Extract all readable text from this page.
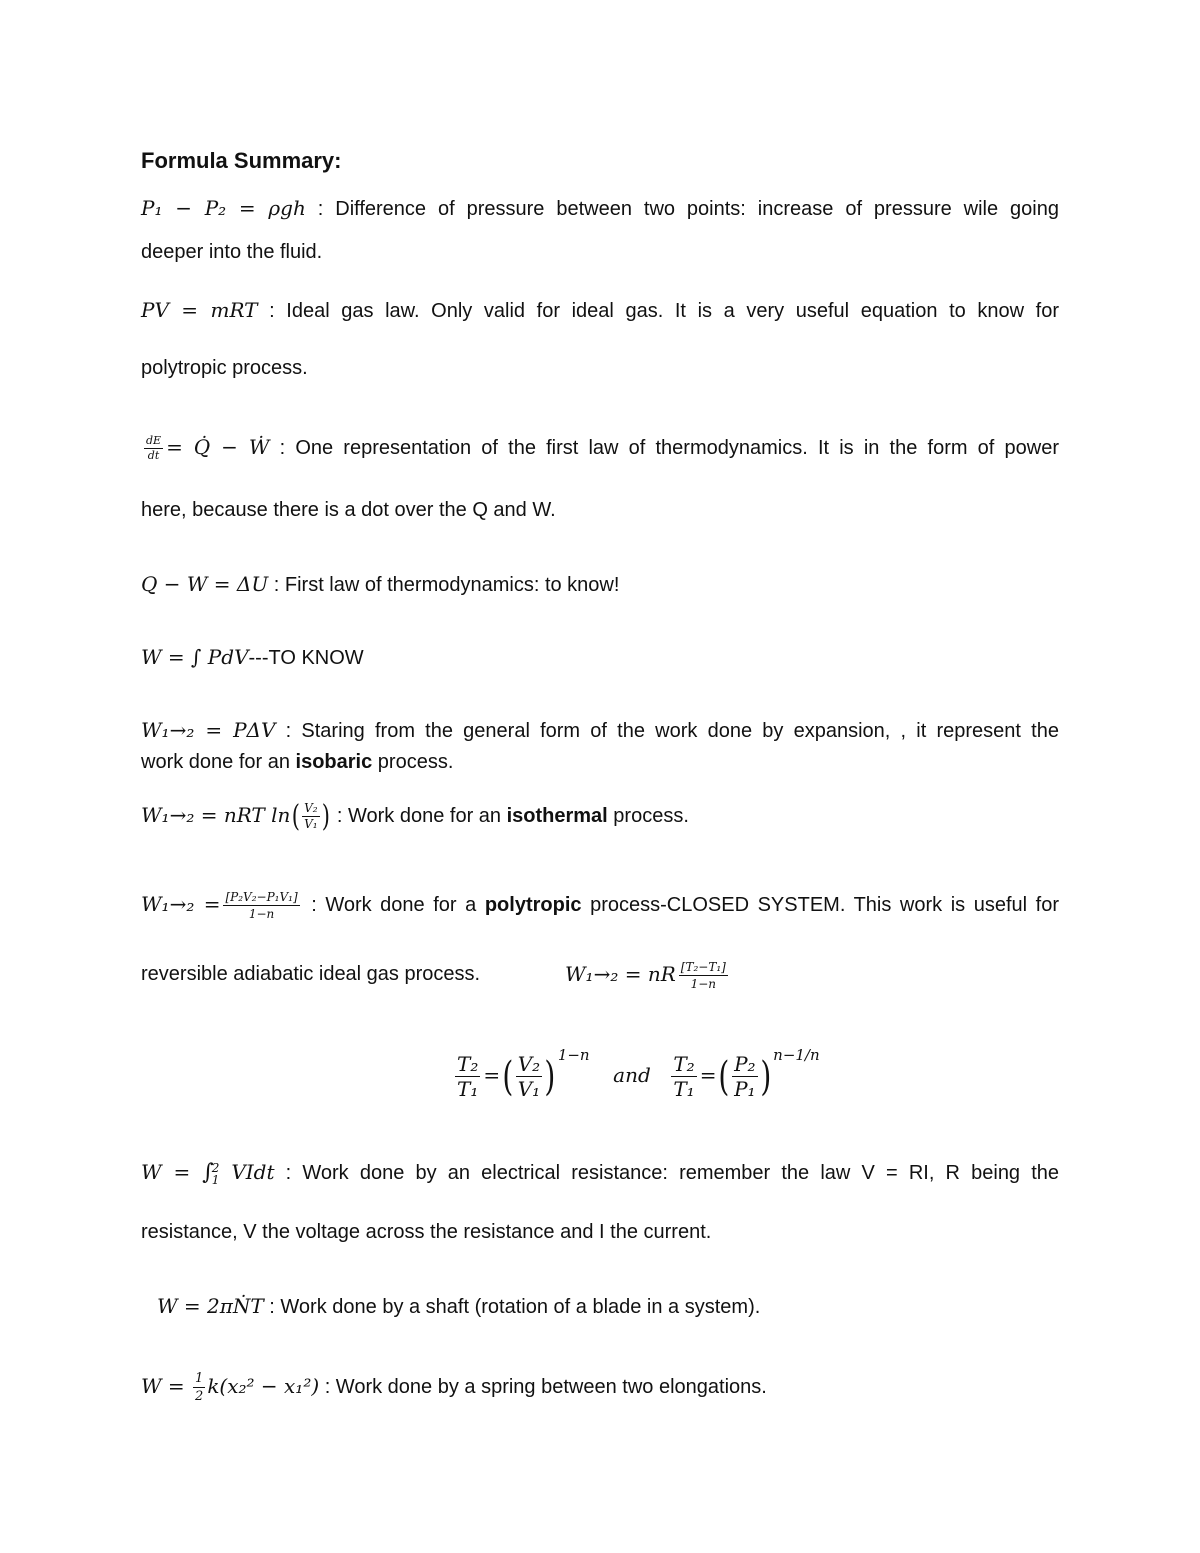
Formula Summary:
P₁ − P₂ = ρgh : Difference of pressure between two points: increase of pressure wile going
deeper into the fluid.
PV = mRT : Ideal gas law. Only valid for ideal gas. It is a very useful equation to know for
polytropic process.
$\frac{dE}{dt}$ = Q̇ − Ẇ : One representation of the first law of thermodynamics. It is in the form of power
here, because there is a dot over the Q and W.
Q − W = ΔU : First law of thermodynamics: to know!
W = ∫ PdV---TO KNOW
W₁→₂ = PΔV : Staring from the general form of the work done by expansion, , it represent the
work done for an isobaric process.
W₁→₂ = nRT $\ln( \frac{\text{V₂}}{\text{V₁}}$ ) : Work done for an isothermal process.
$W_1\to_2 = \frac{\text{[P₂V₂−P₁V₁]}}{1-n}$ : Work done for a polytropic process-CLOSED SYSTEM. This work is useful for
reversible adiabatic ideal gas process.	W₁→₂ = nR $\frac{\text{[T₂−T₁]}}{1-n}$
$\frac{\text{T₂}}{\text{T₁}}$ =( $\frac{\text{V₂}}{\text{V₁}}$ ) $^{1-n}$ and $\frac{\text{T₂}}{\text{T₁}}$ =( $\frac{\text{P₂}}{\text{P₁}}$ ) $^{n-1/n}$
W = ∫
2
1 VIdt : Work done by an electrical resistance: remember the law V = RI, R being the
resistance, V the voltage across the resistance and I the current.
W = 2πṄT : Work done by a shaft (rotation of a blade in a system).
$W = \frac{1}{2} k(x_2^2 - x_1^2)$ : Work done by a spring between two elongations.
